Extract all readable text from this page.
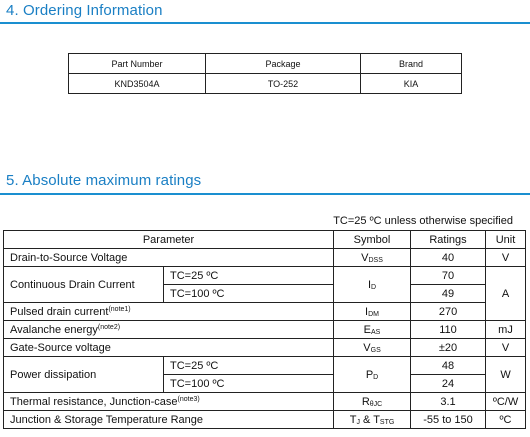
4. Ordering Information
Part Number	Package	Brand
KND3504A	TO-252	KIA
5. Absolute maximum ratings
TC=25 ºC unless otherwise specified
Parameter		Symbol	Ratings	Unit
Drain-to-Source Voltage		$V_{DSS}$	40	V
Continuous Drain Current	TC=25 ºC	$I_D$	70	A
	TC=100 ºC		49	
Pulsed drain current$^{(note1)}$		$I_{DM}$	270	
Avalanche energy$^{(note2)}$		$E_{AS}$	110	mJ
Gate-Source voltage		$V_{GS}$	±20	V
Power dissipation	TC=25 ºC	$P_D$	48	W
	TC=100 ºC		24	
Thermal resistance, Junction-case$^{(note3)}$		$R_{\theta JC}$	3.1	ºC/W
Junction & Storage Temperature Range		$T_J$ & $T_{STG}$	-55 to 150	ºC
